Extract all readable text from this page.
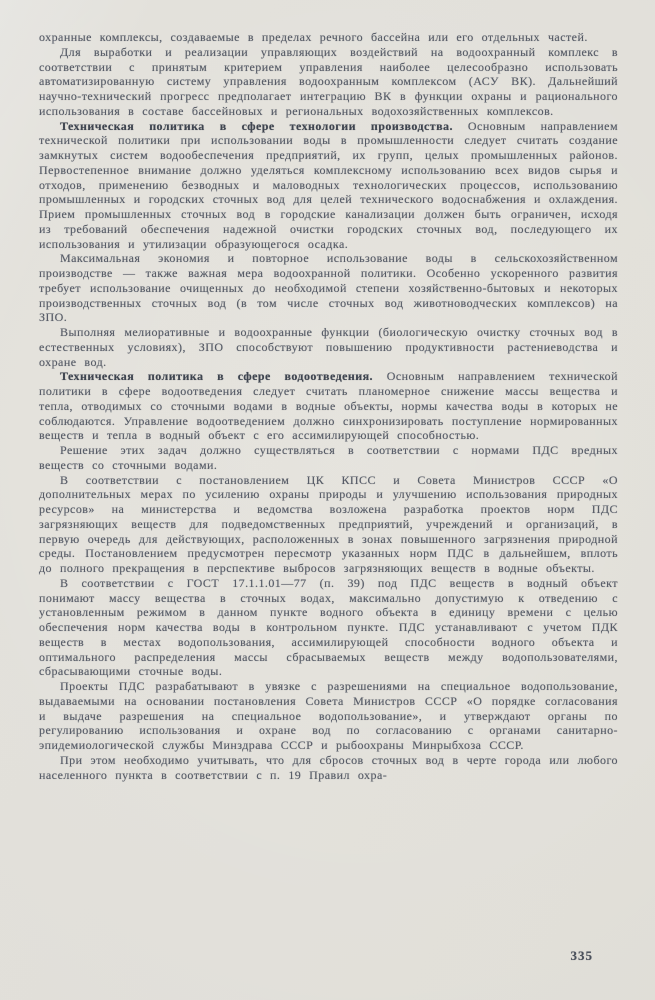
охранные комплексы, создаваемые в пределах речного бассейна или его отдельных частей.

Для выработки и реализации управляющих воздействий на водоохранный комплекс в соответствии с принятым критерием управления наиболее целесообразно использовать автоматизированную систему управления водоохранным комплексом (АСУ ВК). Дальнейший научно-технический прогресс предполагает интеграцию ВК в функции охраны и рационального использования в составе бассейновых и региональных водохозяйственных комплексов.

Техническая политика в сфере технологии производства. Основным направлением технической политики при использовании воды в промышленности следует считать создание замкнутых систем водообеспечения предприятий, их групп, целых промышленных районов. Первостепенное внимание должно уделяться комплексному использованию всех видов сырья и отходов, применению безводных и маловодных технологических процессов, использованию промышленных и городских сточных вод для целей технического водоснабжения и охлаждения. Прием промышленных сточных вод в городские канализации должен быть ограничен, исходя из требований обеспечения надежной очистки городских сточных вод, последующего их использования и утилизации образующегося осадка.

Максимальная экономия и повторное использование воды в сельскохозяйственном производстве — также важная мера водоохранной политики. Особенно ускоренного развития требует использование очищенных до необходимой степени хозяйственно-бытовых и некоторых производственных сточных вод (в том числе сточных вод животноводческих комплексов) на ЗПО.

Выполняя мелиоративные и водоохранные функции (биологическую очистку сточных вод в естественных условиях), ЗПО способствуют повышению продуктивности растениеводства и охране вод.

Техническая политика в сфере водоотведения. Основным направлением технической политики в сфере водоотведения следует считать планомерное снижение массы вещества и тепла, отводимых со сточными водами в водные объекты, нормы качества воды в которых не соблюдаются. Управление водоотведением должно синхронизировать поступление нормированных веществ и тепла в водный объект с его ассимилирующей способностью.

Решение этих задач должно существляться в соответствии с нормами ПДС вредных веществ со сточными водами.

В соответствии с постановлением ЦК КПСС и Совета Министров СССР «О дополнительных мерах по усилению охраны природы и улучшению использования природных ресурсов» на министерства и ведомства возложена разработка проектов норм ПДС загрязняющих веществ для подведомственных предприятий, учреждений и организаций, в первую очередь для действующих, расположенных в зонах повышенного загрязнения природной среды. Постановлением предусмотрен пересмотр указанных норм ПДС в дальнейшем, вплоть до полного прекращения в перспективе выбросов загрязняющих веществ в водные объекты.

В соответствии с ГОСТ 17.1.1.01—77 (п. 39) под ПДС веществ в водный объект понимают массу вещества в сточных водах, максимально допустимую к отведению с установленным режимом в данном пункте водного объекта в единицу времени с целью обеспечения норм качества воды в контрольном пункте. ПДС устанавливают с учетом ПДК веществ в местах водопользования, ассимилирующей способности водного объекта и оптимального распределения массы сбрасываемых веществ между водопользователями, сбрасывающими сточные воды.

Проекты ПДС разрабатывают в увязке с разрешениями на специальное водопользование, выдаваемыми на основании постановления Совета Министров СССР «О порядке согласования и выдаче разрешения на специальное водопользование», и утверждают органы по регулированию использования и охране вод по согласованию с органами санитарно-эпидемиологической службы Минздрава СССР и рыбоохраны Минрыбхоза СССР.

При этом необходимо учитывать, что для сбросов сточных вод в черте города или любого населенного пункта в соответствии с п. 19 Правил охра-

335
